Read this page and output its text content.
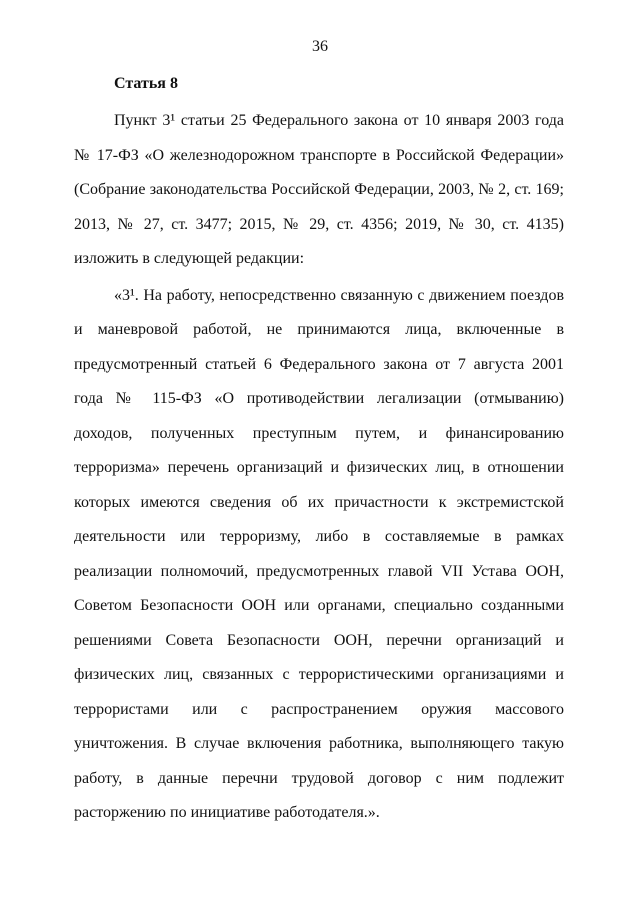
36
Статья 8

Пункт 3¹ статьи 25 Федерального закона от 10 января 2003 года № 17-ФЗ «О железнодорожном транспорте в Российской Федерации» (Собрание законодательства Российской Федерации, 2003, № 2, ст. 169; 2013, № 27, ст. 3477; 2015, № 29, ст. 4356; 2019, № 30, ст. 4135) изложить в следующей редакции:

«3¹. На работу, непосредственно связанную с движением поездов и маневровой работой, не принимаются лица, включенные в предусмотренный статьей 6 Федерального закона от 7 августа 2001 года № 115-ФЗ «О противодействии легализации (отмыванию) доходов, полученных преступным путем, и финансированию терроризма» перечень организаций и физических лиц, в отношении которых имеются сведения об их причастности к экстремистской деятельности или терроризму, либо в составляемые в рамках реализации полномочий, предусмотренных главой VII Устава ООН, Советом Безопасности ООН или органами, специально созданными решениями Совета Безопасности ООН, перечни организаций и физических лиц, связанных с террористическими организациями и террористами или с распространением оружия массового уничтожения. В случае включения работника, выполняющего такую работу, в данные перечни трудовой договор с ним подлежит расторжению по инициативе работодателя.».
